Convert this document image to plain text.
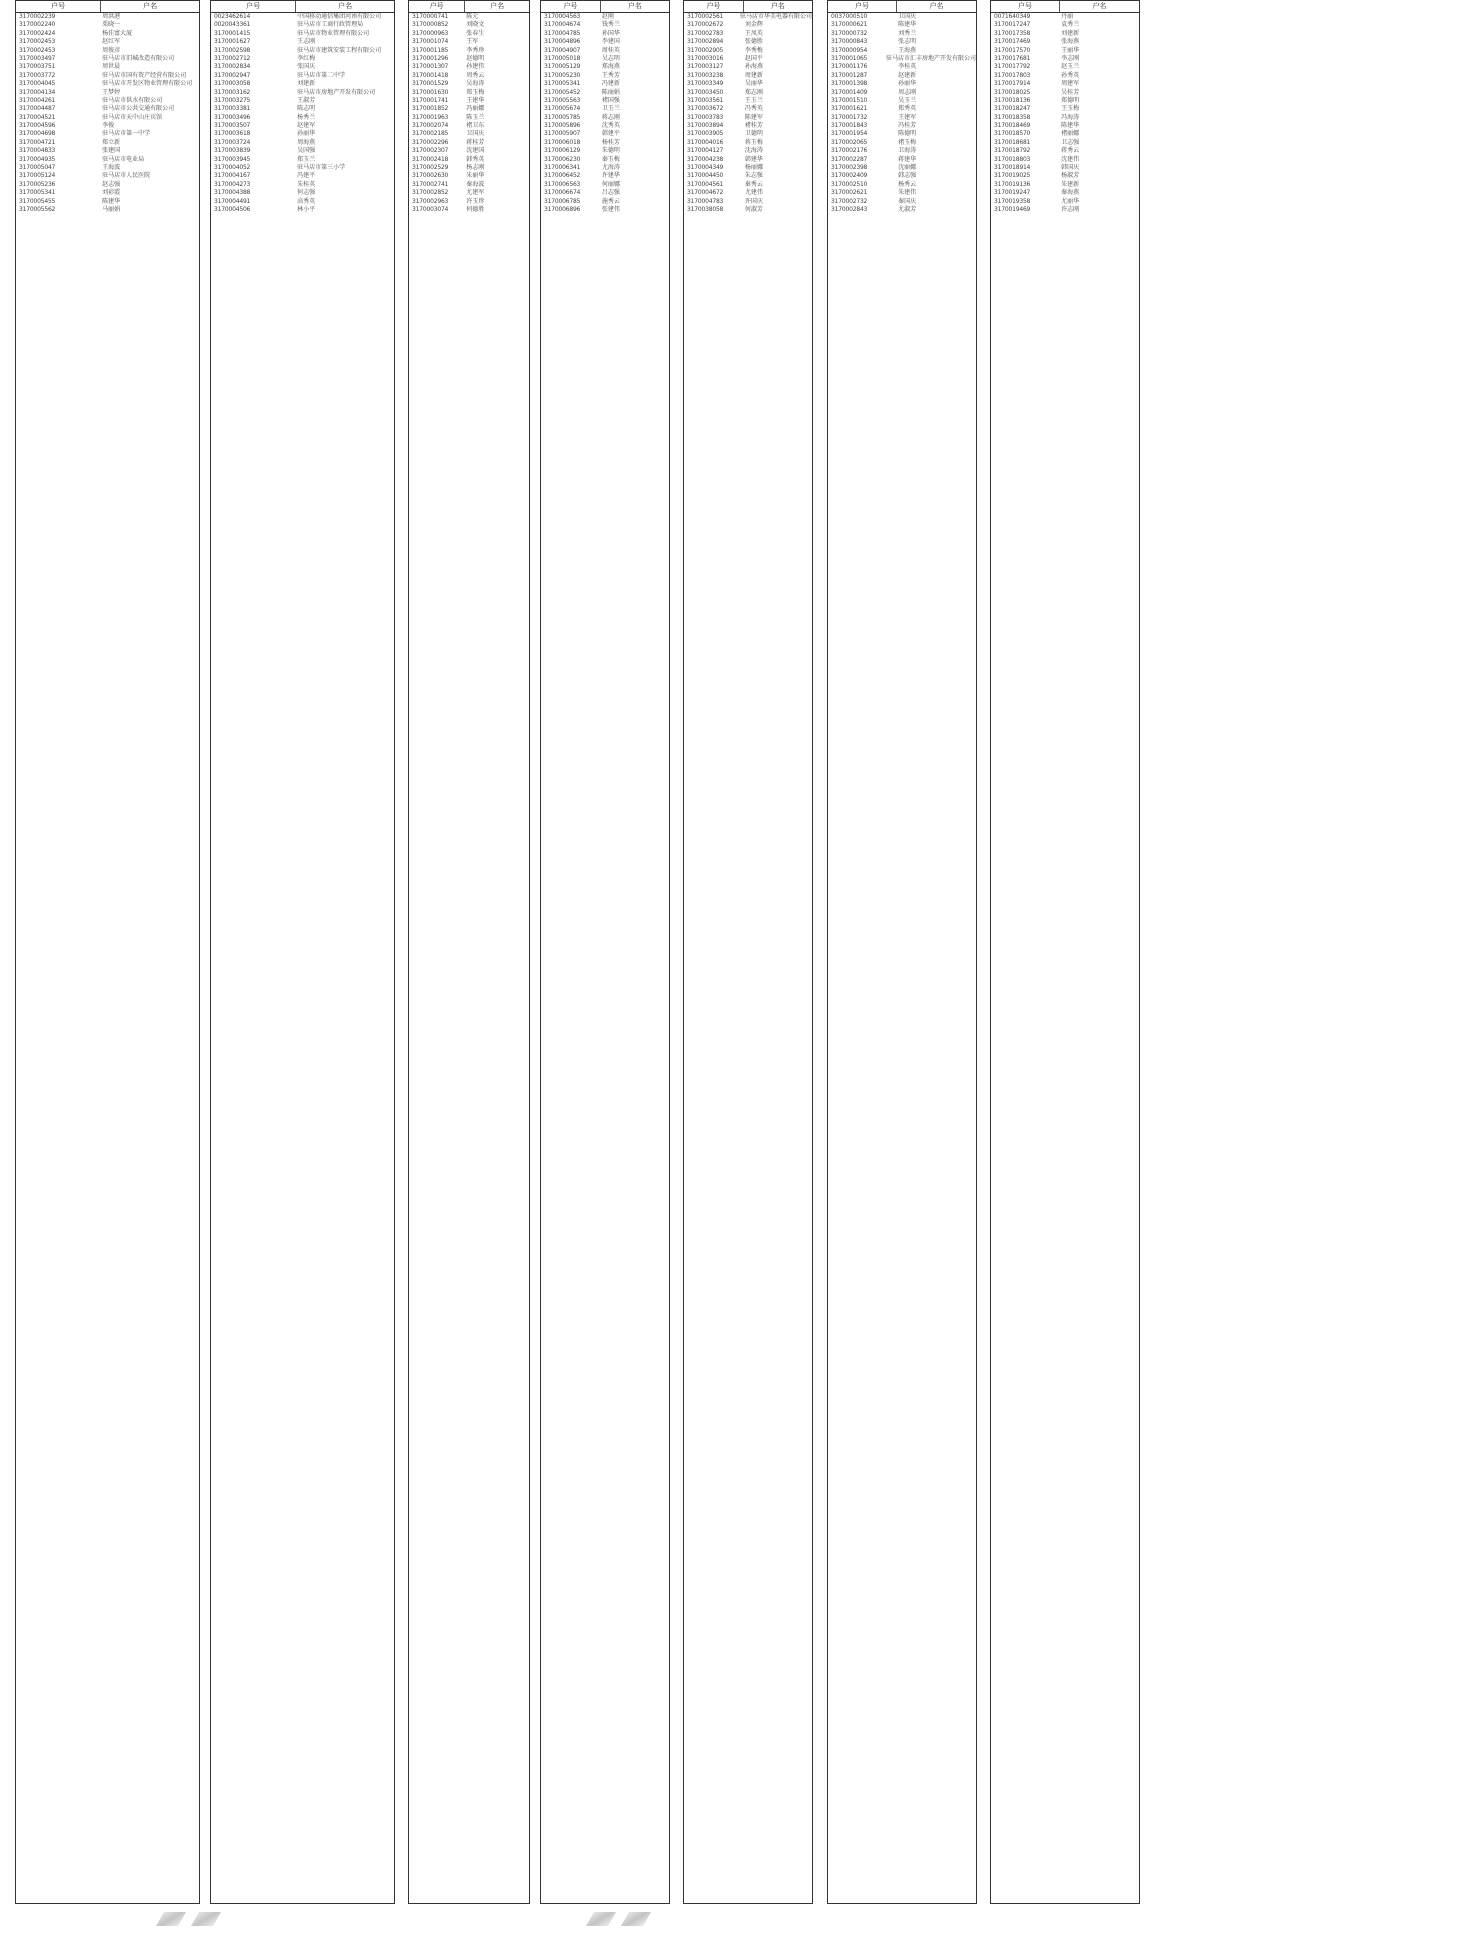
户号	户名
3170002239	周洪港
3170002240	栗晓一
3170002424	杨佳富大厦
3170002453	赵红军
3170002453	周俊彦
3170003497	驻马店市旧城改造有限公司
3170003751	周世晨
3170003772	驻马店市国有资产经营有限公司
3170004045	驻马店市开发区物业管理有限公司
3170004134	王梦婷
3170004261	驻马店市供水有限公司
3170004487	驻马店市公共交通有限公司
3170004521	驻马店市天中山庄宾馆
3170004596	李俊
3170004698	驻马店市第一中学
3170004721	郑立新
3170004833	张建国
3170004935	驻马店市电业局
3170005047	王海波
3170005124	驻马店市人民医院
3170005236	赵志强
3170005341	刘彩霞
3170005455	陈建华
3170005562	马丽娟
户号	户名
0023462614	中国移动通信集团河南有限公司
0020043361	驻马店市工商行政管理局
3170001415	驻马店市物业管理有限公司
3170001627	王志刚
3170002598	驻马店市建筑安装工程有限公司
3170002712	李红梅
3170002834	张国庆
3170002947	驻马店市第二中学
3170003058	刘建新
3170003162	驻马店市房地产开发有限公司
3170003275	王淑芳
3170003381	陈志明
3170003496	杨秀兰
3170003507	赵建军
3170003618	孙丽华
3170003724	周海燕
3170003839	吴国强
3170003945	郑玉兰
3170004052	驻马店市第三小学
3170004167	冯建平
3170004273	朱桂英
3170004388	何志强
3170004491	高秀英
3170004506	林小平
户号	户名
3170000741	陈元
3170000852	刘晓文
3170000963	张春生
3170001074	王军
3170001185	李秀珍
3170001296	赵德明
3170001307	孙建伟
3170001418	周秀云
3170001529	吴海涛
3170001630	郑玉梅
3170001741	王建华
3170001852	冯丽娜
3170001963	陈玉兰
3170002074	褚卫东
3170002185	卫国庆
3170002296	蒋桂芳
3170002307	沈建国
3170002418	韩秀英
3170002529	杨志刚
3170002630	朱丽华
3170002741	秦海波
3170002852	尤建军
3170002963	许玉珍
3170003074	何德胜
户号	户名
3170004563	赵刚
3170004674	钱秀兰
3170004785	孙国华
3170004896	李建国
3170004907	周桂英
3170005018	吴志明
3170005129	郑海燕
3170005230	王秀芳
3170005341	冯建新
3170005452	陈丽娟
3170005563	褚国强
3170005674	卫玉兰
3170005785	蒋志刚
3170005896	沈秀英
3170005907	韩建平
3170006018	杨桂芳
3170006129	朱德明
3170006230	秦玉梅
3170006341	尤海涛
3170006452	许建华
3170006563	何丽娜
3170006674	吕志强
3170006785	施秀云
3170006896	张建伟
户号	户名
3170002561	驻马店市华美电器有限公司
3170002672	刘金辉
3170002783	王凤英
3170002894	张德胜
3170002905	李秀梅
3170003016	赵国平
3170003127	孙海燕
3170003238	周建新
3170003349	吴丽华
3170003450	郑志刚
3170003561	王玉兰
3170003672	冯秀英
3170003783	陈建军
3170003894	褚桂芳
3170003905	卫德明
3170004016	蒋玉梅
3170004127	沈海涛
3170004238	韩建华
3170004349	杨丽娜
3170004450	朱志强
3170004561	秦秀云
3170004672	尤建伟
3170004783	许国庆
3170038058	何淑芳
户号	户名
0037000510	卫国庆
3170000621	陈建华
3170000732	刘秀兰
3170000843	张志明
3170000954	王海燕
3170001065	驻马店市汇丰房地产开发有限公司
3170001176	李桂英
3170001287	赵建新
3170001398	孙丽华
3170001409	周志刚
3170001510	吴玉兰
3170001621	郑秀英
3170001732	王建军
3170001843	冯桂芳
3170001954	陈德明
3170002065	褚玉梅
3170002176	卫海涛
3170002287	蒋建华
3170002398	沈丽娜
3170002409	韩志强
3170002510	杨秀云
3170002621	朱建伟
3170002732	秦国庆
3170002843	尤淑芳
户号	户名
0071640349	丹丽
3170017247	袁秀兰
3170017358	刘建新
3170017469	张海燕
3170017570	王丽华
3170017681	李志刚
3170017792	赵玉兰
3170017803	孙秀英
3170017914	周建军
3170018025	吴桂芳
3170018136	郑德明
3170018247	王玉梅
3170018358	冯海涛
3170018469	陈建华
3170018570	褚丽娜
3170018681	卫志强
3170018792	蒋秀云
3170018803	沈建伟
3170018914	韩国庆
3170019025	杨淑芳
3170019136	朱建新
3170019247	秦海燕
3170019358	尤丽华
3170019469	许志刚
